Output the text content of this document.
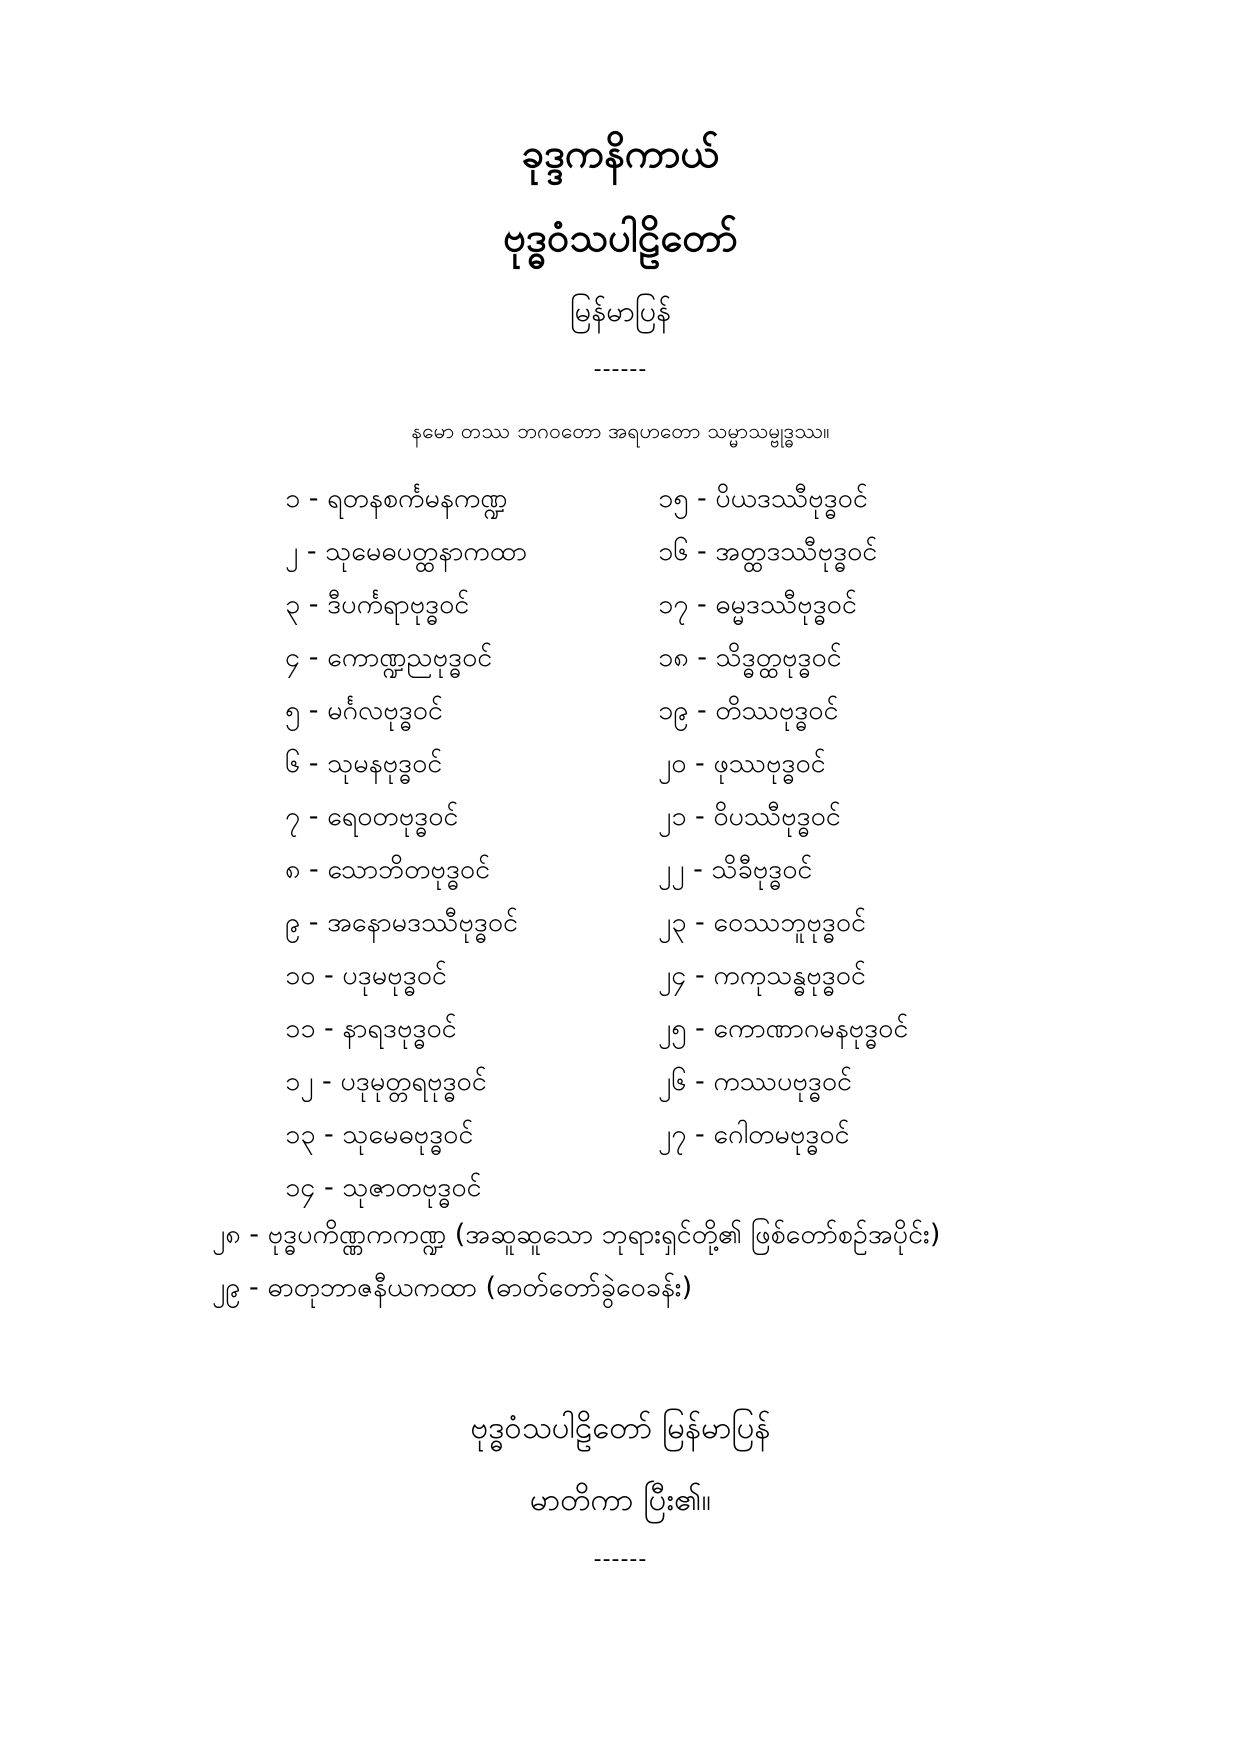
ခုဒ္ဒကနိကာယ်
ဗုဒ္ဓဝံသပါဠိတော်
မြန်မာပြန်
------
နမော တဿ ဘဂဝတော အရဟတော သမ္မာသမ္ဗုဒ္ဓဿ။
၁ - ရတနစင်္ကမနကဏ္ဍ
၂ - သုမေဓပတ္ထနာကထာ
၃ - ဒီပင်္ကရာဗုဒ္ဓဝင်
၄ - ကောဏ္ဍညဗုဒ္ဓဝင်
၅ - မင်္ဂလဗုဒ္ဓဝင်
၆ - သုမနဗုဒ္ဓဝင်
၇ - ရေဝတဗုဒ္ဓဝင်
၈ - သောဘိတဗုဒ္ဓဝင်
၉ - အနောမဒဿီဗုဒ္ဓဝင်
၁၀ - ပဒုမဗုဒ္ဓဝင်
၁၁ - နာရဒဗုဒ္ဓဝင်
၁၂ - ပဒုမုတ္တရဗုဒ္ဓဝင်
၁၃ - သုမေဓဗုဒ္ဓဝင်
၁၄ - သုဇာတဗုဒ္ဓဝင်
၁၅ - ပိယဒဿီဗုဒ္ဓဝင်
၁၆ - အတ္ထဒဿီဗုဒ္ဓဝင်
၁၇ - ဓမ္မဒဿီဗုဒ္ဓဝင်
၁၈ - သိဒ္ဓတ္ထဗုဒ္ဓဝင်
၁၉ - တိဿဗုဒ္ဓဝင်
၂၀ - ဖုဿဗုဒ္ဓဝင်
၂၁ - ဝိပဿီဗုဒ္ဓဝင်
၂၂ - သိခီဗုဒ္ဓဝင်
၂၃ - ဝေဿဘူဗုဒ္ဓဝင်
၂၄ - ကကုသန္ဓဗုဒ္ဓဝင်
၂၅ - ကောဏာဂမနဗုဒ္ဓဝင်
၂၆ - ကဿပဗုဒ္ဓဝင်
၂၇ - ဂေါတမဗုဒ္ဓဝင်
၂၈ - ဗုဒ္ဓပကိဏ္ဏကကဏ္ဍ (အဆူဆူသော ဘုရားရှင်တို့၏ ဖြစ်တော်စဉ်အပိုင်း)
၂၉ - ဓာတုဘာဇနီယကထာ (ဓာတ်တော်ခွဲဝေခန်း)
ဗုဒ္ဓဝံသပါဠိတော် မြန်မာပြန်
မာတိကာ ပြီး၏။
------
